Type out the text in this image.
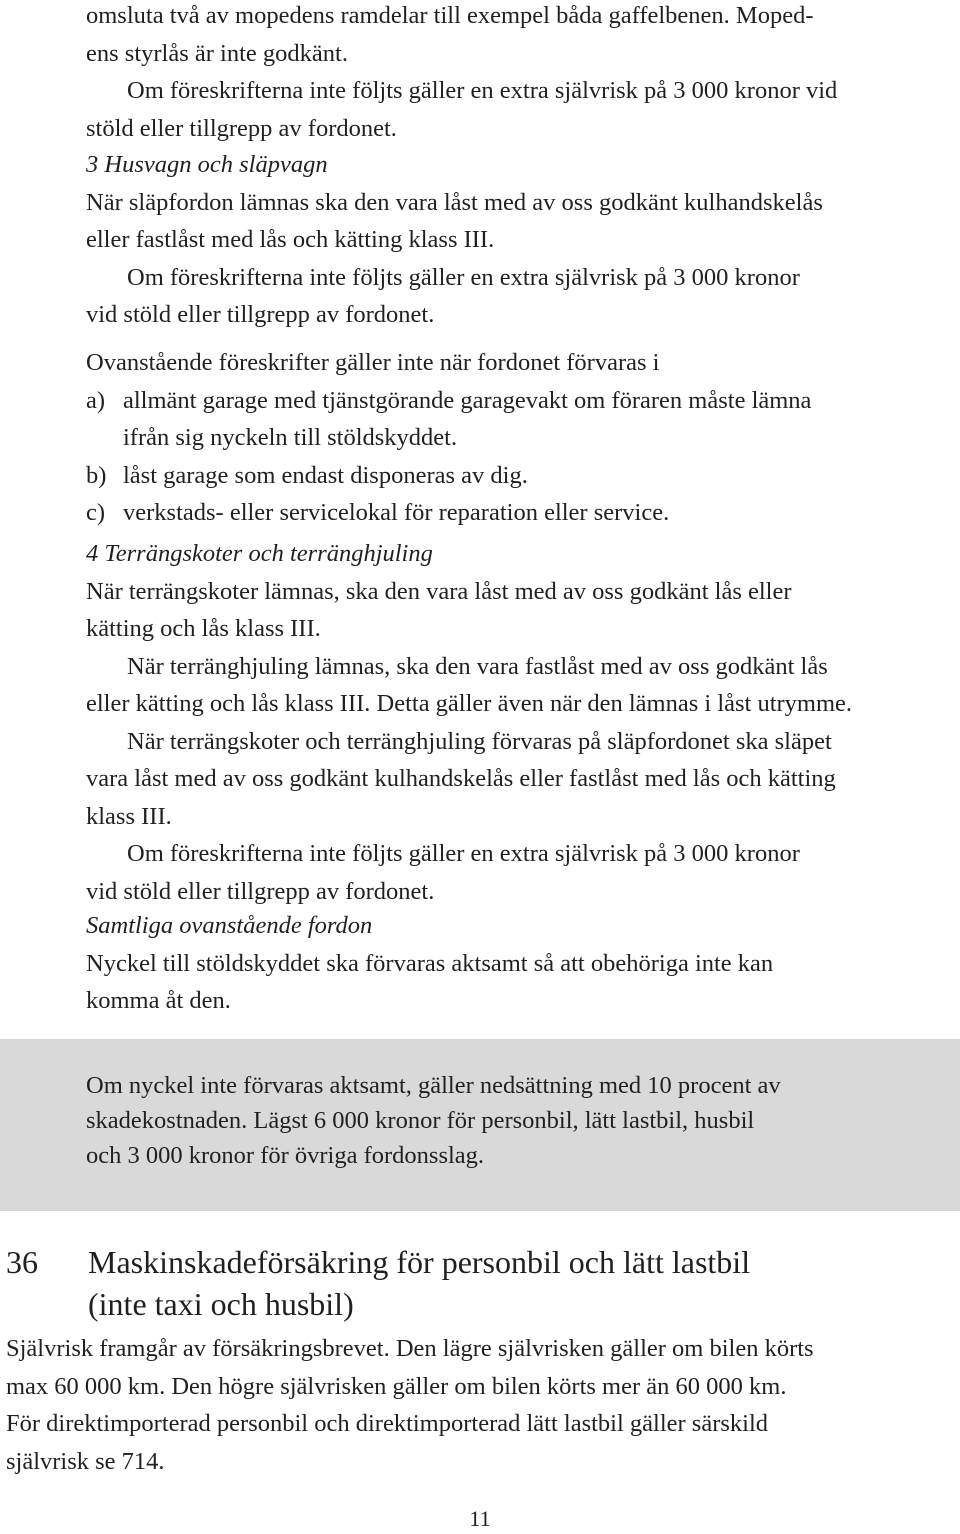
omsluta två av mopedens ramdelar till exempel båda gaffelbenen. Moped-
ens styrlås är inte godkänt.
Om föreskrifterna inte följts gäller en extra självrisk på 3 000 kronor vid
stöld eller tillgrepp av fordonet.
3 Husvagn och släpvagn
När släpfordon lämnas ska den vara låst med av oss godkänt kulhandskelås
eller fastlåst med lås och kätting klass III.
Om föreskrifterna inte följts gäller en extra självrisk på 3 000 kronor
vid stöld eller tillgrepp av fordonet.
Ovanstående föreskrifter gäller inte när fordonet förvaras i
a) allmänt garage med tjänstgörande garagevakt om föraren måste lämna
ifrån sig nyckeln till stöldskyddet.
b) låst garage som endast disponeras av dig.
c) verkstads- eller servicelokal för reparation eller service.
4 Terrängskoter och terränghjuling
När terrängskoter lämnas, ska den vara låst med av oss godkänt lås eller
kätting och lås klass III.
När terränghjuling lämnas, ska den vara fastlåst med av oss godkänt lås
eller kätting och lås klass III. Detta gäller även när den lämnas i låst utrymme.
När terrängskoter och terränghjuling förvaras på släpfordonet ska släpet
vara låst med av oss godkänt kulhandskelås eller fastlåst med lås och kätting
klass III.
Om föreskrifterna inte följts gäller en extra självrisk på 3 000 kronor
vid stöld eller tillgrepp av fordonet.
Samtliga ovanstående fordon
Nyckel till stöldskyddet ska förvaras aktsamt så att obehöriga inte kan
komma åt den.
Om nyckel inte förvaras aktsamt, gäller nedsättning med 10 procent av
skadekostnaden. Lägst 6 000 kronor för personbil, lätt lastbil, husbil
och 3 000 kronor för övriga fordonsslag.
36 Maskinskadeförsäkring för personbil och lätt lastbil
(inte taxi och husbil)
Självrisk framgår av försäkringsbrevet. Den lägre självrisken gäller om bilen körts
max 60 000 km. Den högre självrisken gäller om bilen körts mer än 60 000 km.
För direktimporterad personbil och direktimporterad lätt lastbil gäller särskild
självrisk se 714.
11
